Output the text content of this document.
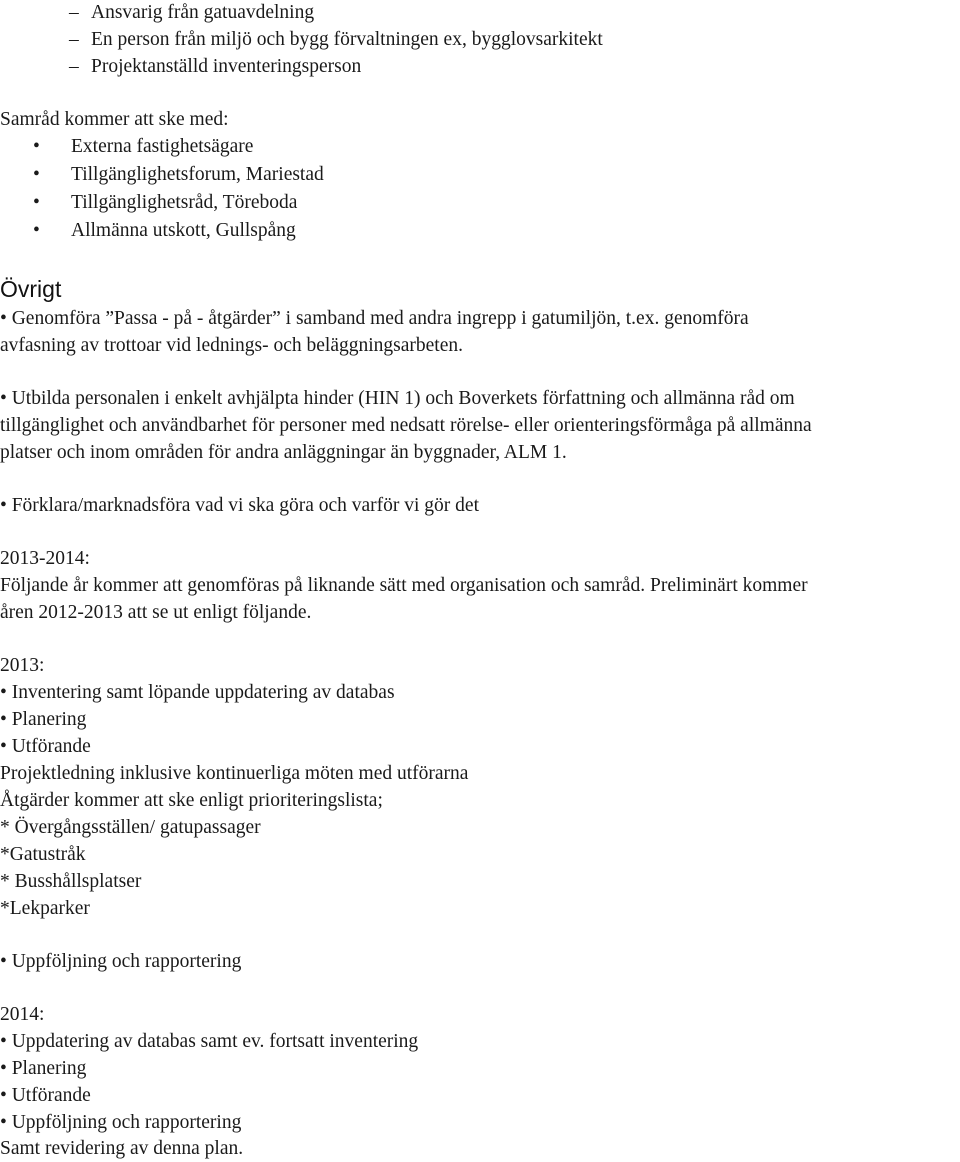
– Ansvarig från gatuavdelning
– En person från miljö och bygg förvaltningen ex, bygglovsarkitekt
– Projektanställd inventeringsperson
Samråd kommer att ske med:
• Externa fastighetsägare
• Tillgänglighetsforum, Mariestad
• Tillgänglighetsråd, Töreboda
• Allmänna utskott, Gullspång
Övrigt
• Genomföra ”Passa - på - åtgärder” i samband med andra ingrepp i gatumiljön, t.ex. genomföra
avfasning av trottoar vid lednings- och beläggningsarbeten.
• Utbilda personalen i enkelt avhjälpta hinder (HIN 1) och Boverkets författning och allmänna råd om
tillgänglighet och användbarhet för personer med nedsatt rörelse- eller orienteringsförmåga på allmänna
platser och inom områden för andra anläggningar än byggnader, ALM 1.
• Förklara/marknadsföra vad vi ska göra och varför vi gör det
2013-2014:
Följande år kommer att genomföras på liknande sätt med organisation och samråd. Preliminärt kommer
åren 2012-2013 att se ut enligt följande.
2013:
• Inventering samt löpande uppdatering av databas
• Planering
• Utförande
Projektledning inklusive kontinuerliga möten med utförarna
Åtgärder kommer att ske enligt prioriteringslista;
* Övergångsställen/ gatupassager
*Gatustråk
* Busshållsplatser
*Lekparker
• Uppföljning och rapportering
2014:
• Uppdatering av databas samt ev. fortsatt inventering
• Planering
• Utförande
• Uppföljning och rapportering
Samt revidering av denna plan.
